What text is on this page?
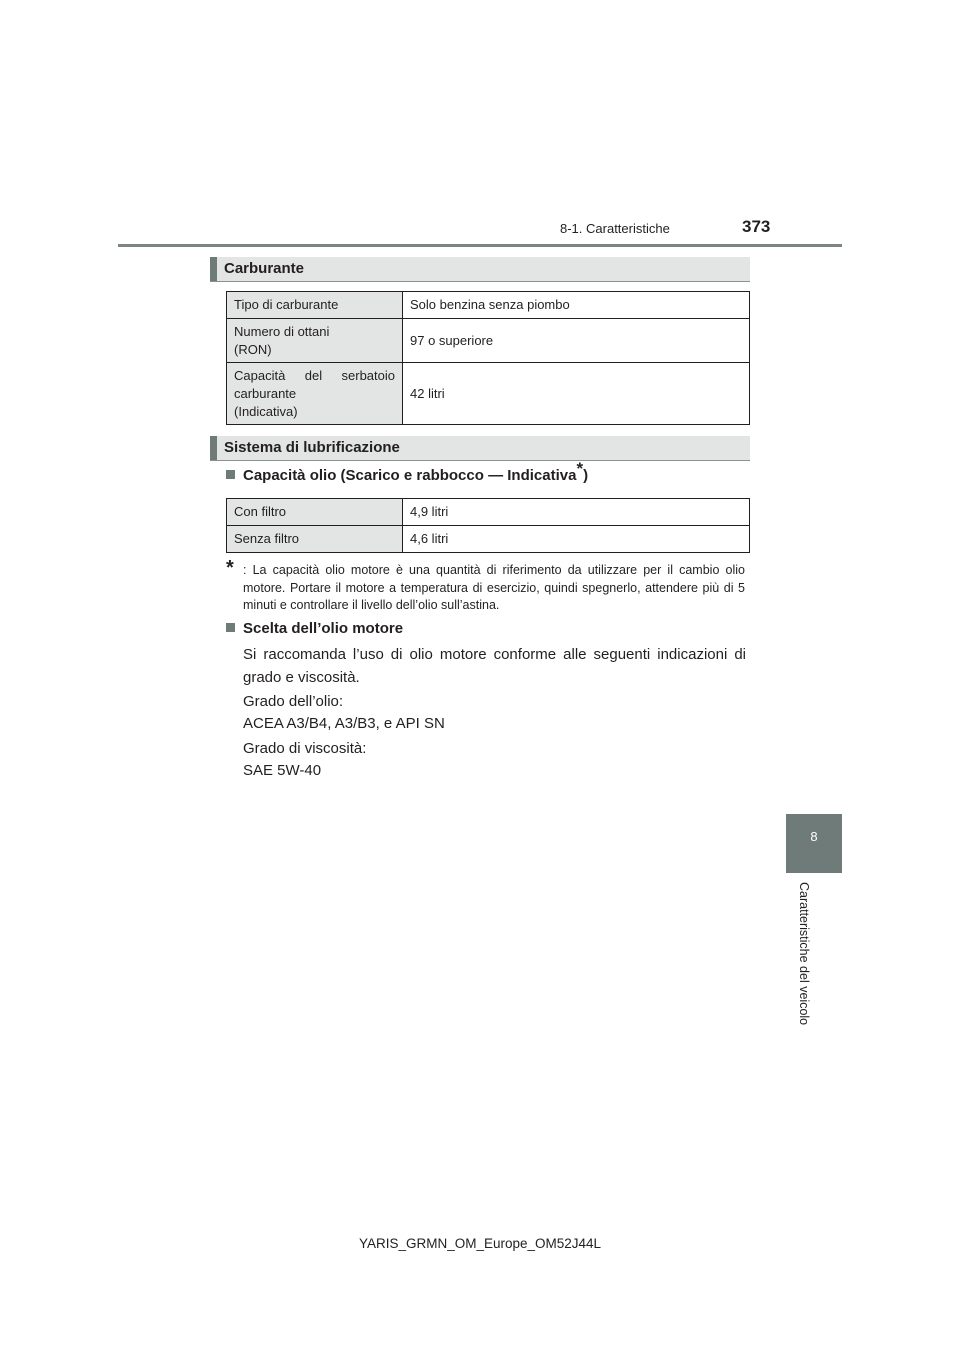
8-1. Caratteristiche	373
8
Caratteristiche del veicolo
Carburante
Tipo di carburante	Solo benzina senza piombo

Numero di ottani
(RON)	97 o superiore

Capacità del serbatoio
carburante
(Indicativa)	42 litri
Sistema di lubrificazione
Capacità olio (Scarico e rabbocco — Indicativa*)
Con filtro	4,9 litri
Senza filtro	4,6 litri
* : La capacità olio motore è una quantità di riferimento da utilizzare per il cambio olio motore. Portare il motore a temperatura di esercizio, quindi spegnerlo, attendere più di 5 minuti e controllare il livello dell’olio sull’astina.
Scelta dell’olio motore
Si raccomanda l’uso di olio motore conforme alle seguenti indicazioni di grado e viscosità.
Grado dell’olio:
ACEA A3/B4, A3/B3, e API SN
Grado di viscosità:
SAE 5W-40
YARIS_GRMN_OM_Europe_OM52J44L
